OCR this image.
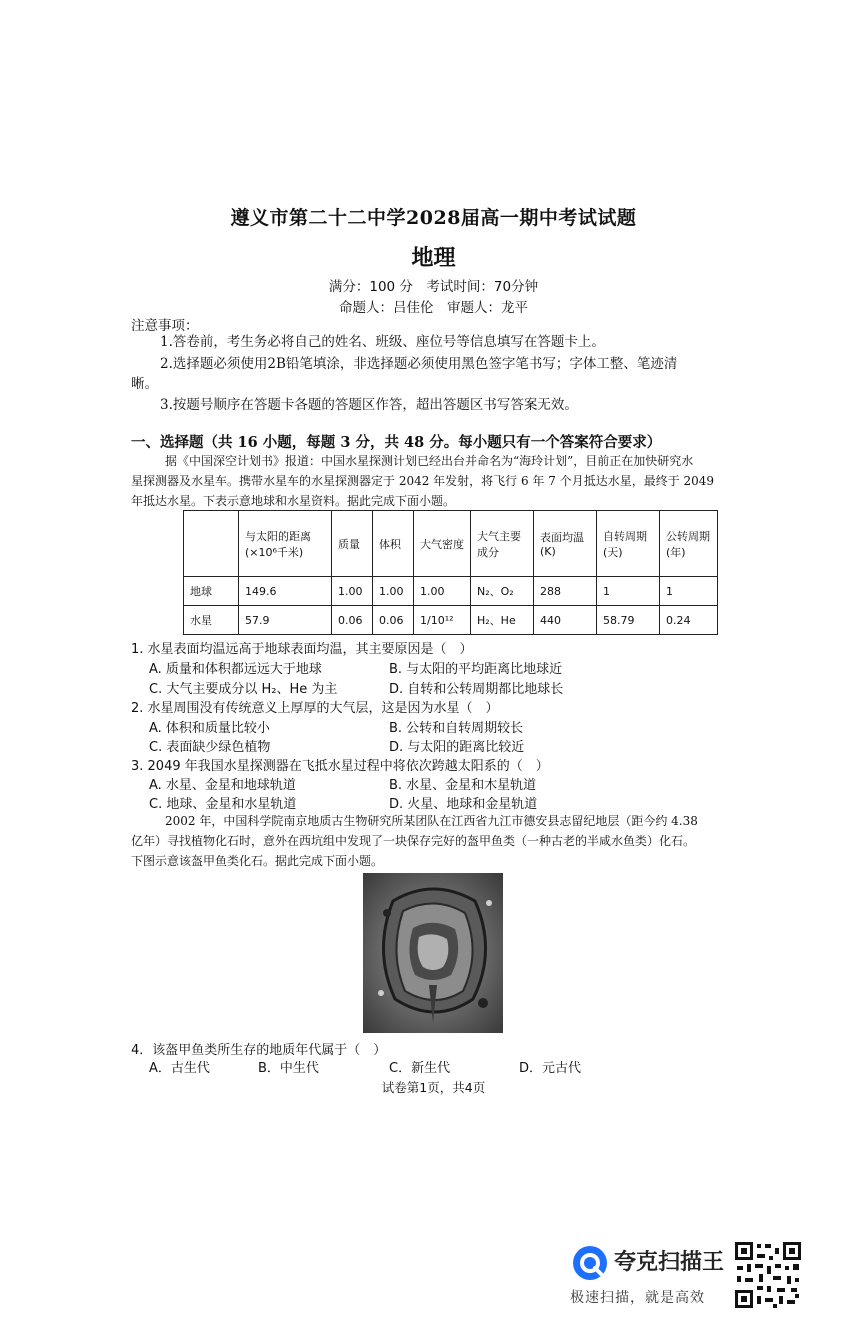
遵义市第二十二中学2028届高一期中考试试题
地理
满分：100 分　考试时间：70分钟
命题人：吕佳伦　审题人：龙平
注意事项：
1.答卷前，考生务必将自己的姓名、班级、座位号等信息填写在答题卡上。
2.选择题必须使用2B铅笔填涂，非选择题必须使用黑色签字笔书写；字体工整、笔迹清
晰。
3.按题号顺序在答题卡各题的答题区作答，超出答题区书写答案无效。
一、选择题（共 16 小题，每题 3 分，共 48 分。每小题只有一个答案符合要求）
据《中国深空计划书》报道：中国水星探测计划已经出台并命名为“海玲计划”，目前正在加快研究水
星探测器及水星车。携带水星车的水星探测器定于 2042 年发射，将飞行 6 年 7 个月抵达水星，最终于 2049
年抵达水星。下表示意地球和水星资料。据此完成下面小题。
	与太阳的距离(×10⁶千米)	质量	体积	大气密度	大气主要成分	表面均温(K)	自转周期(天)	公转周期(年)
地球	149.6	1.00	1.00	1.00	N₂、O₂	288	1	1
水星	57.9	0.06	0.06	1/10¹²	H₂、He	440	58.79	0.24
1. 水星表面均温远高于地球表面均温，其主要原因是（　）
A. 质量和体积都远远大于地球	B. 与太阳的平均距离比地球近
C. 大气主要成分以 H₂、He 为主	D. 自转和公转周期都比地球长
2. 水星周围没有传统意义上厚厚的大气层，这是因为水星（　）
A. 体积和质量比较小	B. 公转和自转周期较长
C. 表面缺少绿色植物	D. 与太阳的距离比较近
3. 2049 年我国水星探测器在飞抵水星过程中将依次跨越太阳系的（　）
A. 水星、金星和地球轨道	B. 水星、金星和木星轨道
C. 地球、金星和水星轨道	D. 火星、地球和金星轨道
2002 年，中国科学院南京地质古生物研究所某团队在江西省九江市德安县志留纪地层（距今约 4.38
亿年）寻找植物化石时，意外在西坑组中发现了一块保存完好的盔甲鱼类（一种古老的半咸水鱼类）化石。
下图示意该盔甲鱼类化石。据此完成下面小题。
4．该盔甲鱼类所生存的地质年代属于（　）
A．古生代	B．中生代	C．新生代	D．元古代
试卷第1页，共4页
夸克扫描王
极速扫描，就是高效
